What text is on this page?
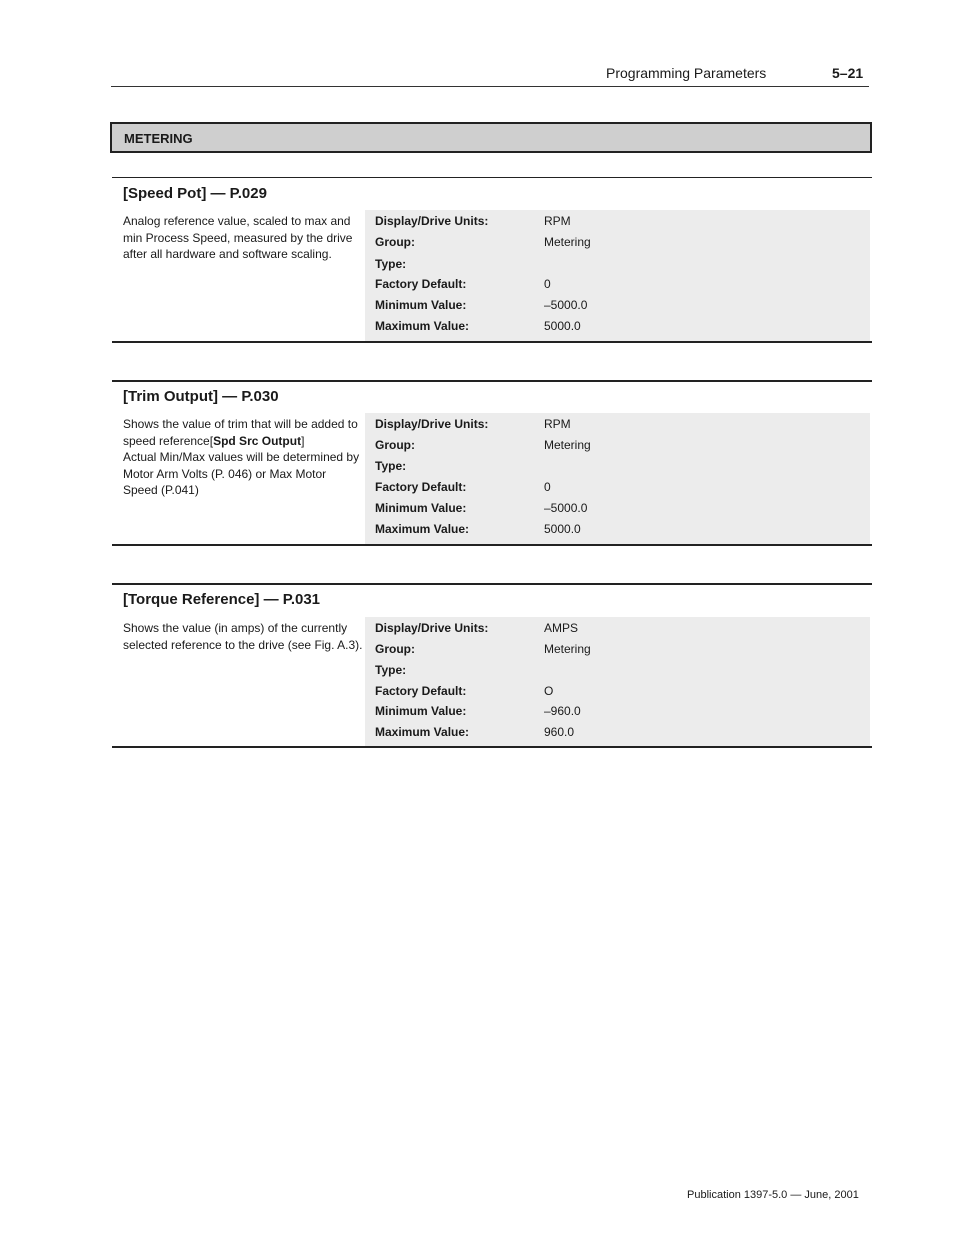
Programming Parameters	5–21
METERING
[Speed Pot] — P.029
Analog reference value, scaled to max and min Process Speed, measured by the drive after all hardware and software scaling.
Display/Drive Units:	RPM
Group:	Metering
Type:
Factory Default:	0
Minimum Value:	–5000.0
Maximum Value:	5000.0
[Trim Output] — P.030
Shows the value of trim that will be added to speed reference[Spd Src Output]
Actual Min/Max values will be determined by Motor Arm Volts (P. 046) or Max Motor Speed (P.041)
Display/Drive Units:	RPM
Group:	Metering
Type:
Factory Default:	0
Minimum Value:	–5000.0
Maximum Value:	5000.0
[Torque Reference] — P.031
Shows the value (in amps) of the currently selected reference to the drive (see Fig. A.3).
Display/Drive Units:	AMPS
Group:	Metering
Type:
Factory Default:	O
Minimum Value:	–960.0
Maximum Value:	960.0
Publication 1397-5.0 — June, 2001
